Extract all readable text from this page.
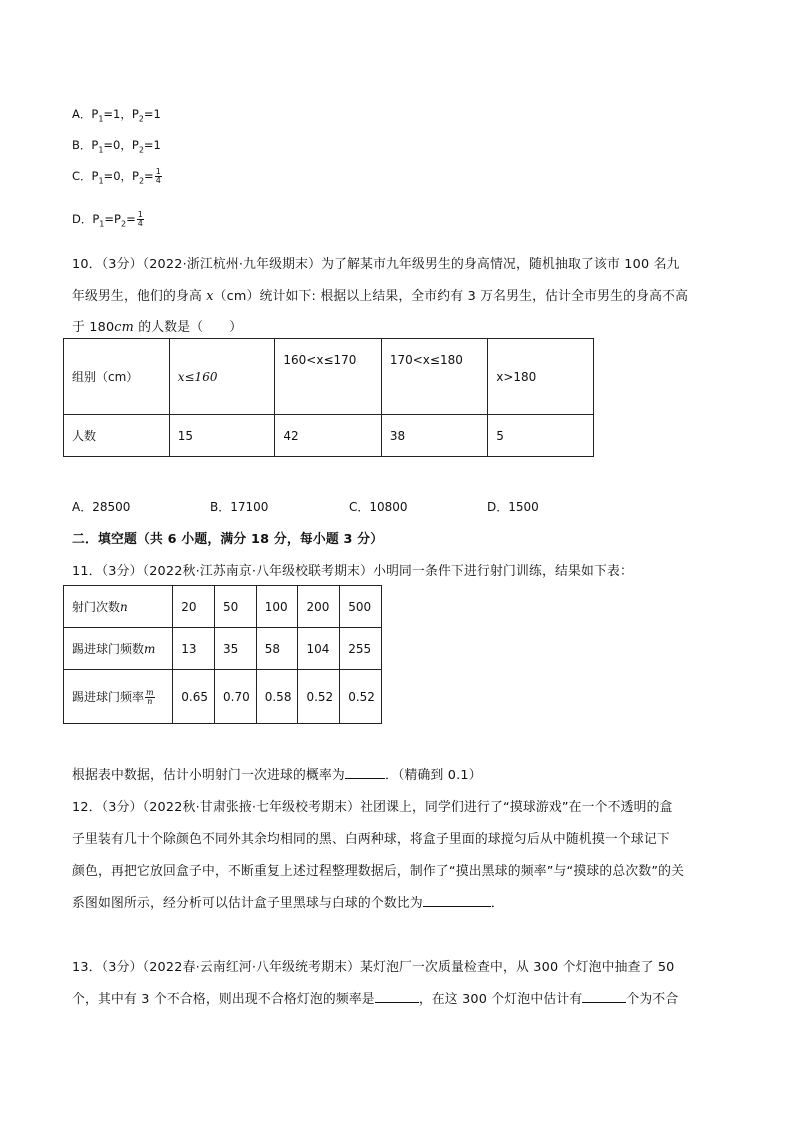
A．$P_1=1$，$P_2=1$
B．$P_1=0$，$P_2=1$
C．$P_1=0$，$P_2= \frac{1}{4}$
D．$P_1=P_2= \frac{1}{4}$
10．（3分）（2022·浙江杭州·九年级期末）为了解某市九年级男生的身高情况，随机抽取了该市 100 名九
年级男生，他们的身高 x（cm）统计如下: 根据以上结果，全市约有 3 万名男生，估计全市男生的身高不高
于 180cm 的人数是（　　）
组别（cm）	x≤160	160<x≤170	170<x≤180	x>180
人数	15	42	38	5
A．28500	B．17100	C．10800	D．1500
二．填空题（共 6 小题，满分 18 分，每小题 3 分）
11．（3分）（2022秋·江苏南京·八年级校联考期末）小明同一条件下进行射门训练，结果如下表：
射门次数n	20	50	100	200	500
踢进球门频数m	13	35	58	104	255
踢进球门频率 $\frac{m}{n}$	0.65	0.70	0.58	0.52	0.52
根据表中数据，估计小明射门一次进球的概率为	．（精确到 0.1）
12．（3分）（2022秋·甘肃张掖·七年级校考期末）社团课上，同学们进行了“摸球游戏”在一个不透明的盒
子里装有几十个除颜色不同外其余均相同的黑、白两种球，将盒子里面的球搅匀后从中随机摸一个球记下
颜色，再把它放回盒子中，不断重复上述过程整理数据后，制作了“摸出黑球的频率”与“摸球的总次数”的关
系图如图所示，经分析可以估计盒子里黑球与白球的个数比为	．
13．（3分）（2022春·云南红河·八年级统考期末）某灯泡厂一次质量检查中，从 300 个灯泡中抽查了 50
个，其中有 3 个不合格，则出现不合格灯泡的频率是	，在这 300 个灯泡中估计有	个为不合
